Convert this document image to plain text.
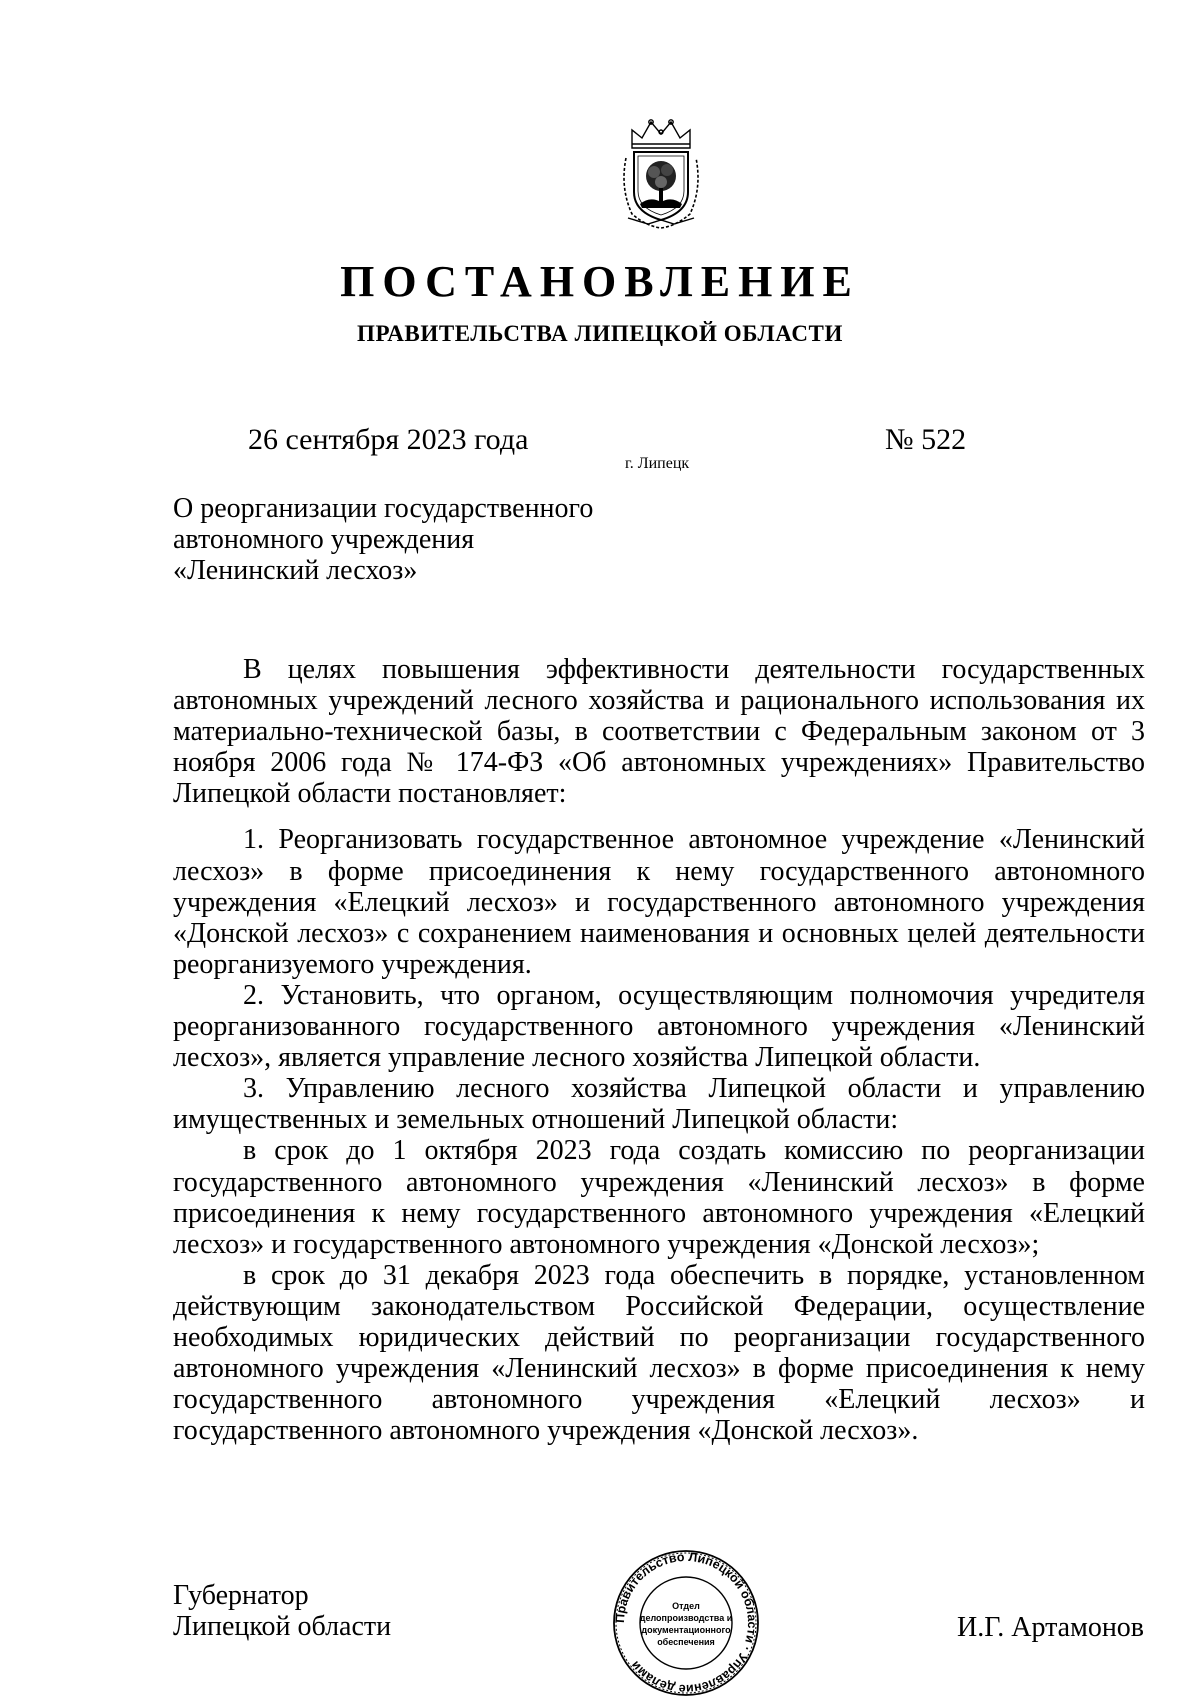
ПОСТАНОВЛЕНИЕ
ПРАВИТЕЛЬСТВА ЛИПЕЦКОЙ ОБЛАСТИ
26 сентября 2023 года
г. Липецк
№ 522
О реорганизации государственного
автономного учреждения
«Ленинский лесхоз»

В целях повышения эффективности деятельности государственных автономных учреждений лесного хозяйства и рационального использования их материально-технической базы, в соответствии с Федеральным законом от 3 ноября 2006 года № 174-ФЗ «Об автономных учреждениях» Правительство Липецкой области постановляет:

1. Реорганизовать государственное автономное учреждение «Ленинский лесхоз» в форме присоединения к нему государственного автономного учреждения «Елецкий лесхоз» и государственного автономного учреждения «Донской лесхоз» с сохранением наименования и основных целей деятельности реорганизуемого учреждения.

2. Установить, что органом, осуществляющим полномочия учредителя реорганизованного государственного автономного учреждения «Ленинский лесхоз», является управление лесного хозяйства Липецкой области.

3. Управлению лесного хозяйства Липецкой области и управлению имущественных и земельных отношений Липецкой области:

в срок до 1 октября 2023 года создать комиссию по реорганизации государственного автономного учреждения «Ленинский лесхоз» в форме присоединения к нему государственного автономного учреждения «Елецкий лесхоз» и государственного автономного учреждения «Донской лесхоз»;

в срок до 31 декабря 2023 года обеспечить в порядке, установленном действующим законодательством Российской Федерации, осуществление необходимых юридических действий по реорганизации государственного автономного учреждения «Ленинский лесхоз» в форме присоединения к нему государственного автономного учреждения «Елецкий лесхоз» и государственного автономного учреждения «Донской лесхоз».

Губернатор
Липецкой области	И.Г. Артамонов
Правительство Липецкой области · Управление делами
Отдел
делопроизводства и
документационного
обеспечения
